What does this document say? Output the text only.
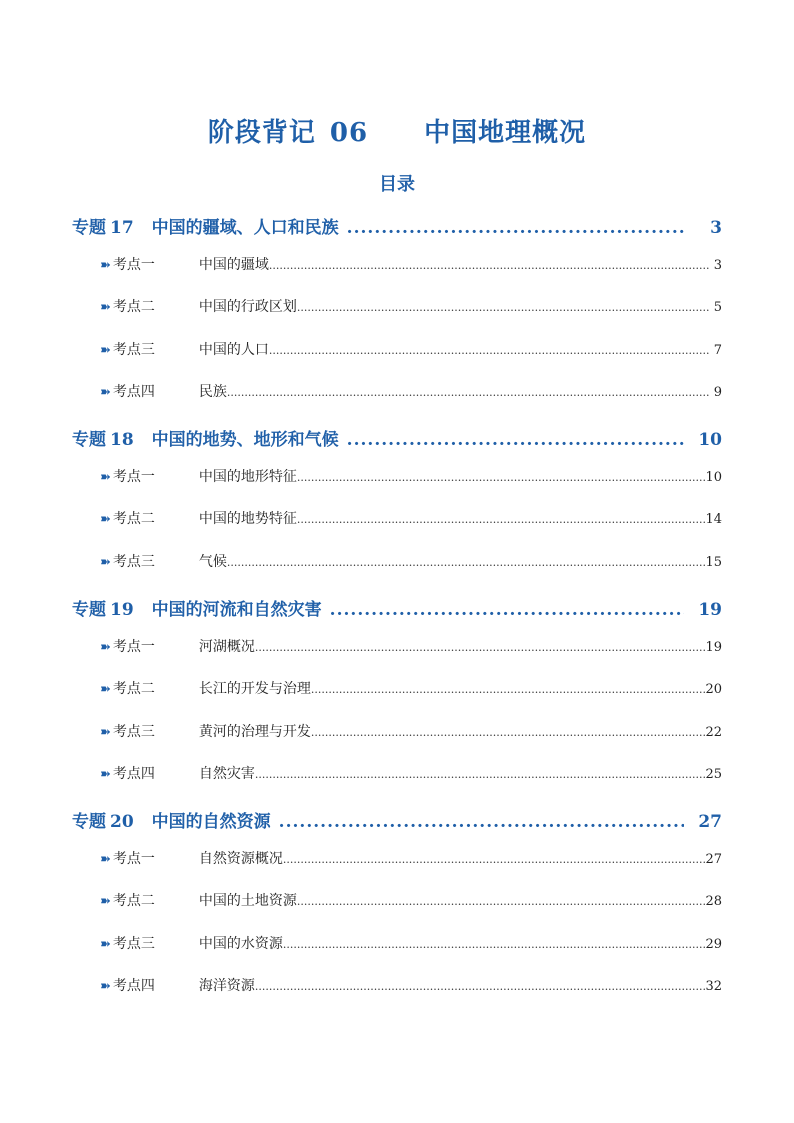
阶段背记 06 中国地理概况
目录
专题 17 中国的疆域、人口和民族 .....	3
➽ 考点一	中国的疆域 .....	3
➽ 考点二	中国的行政区划 .....	5
➽ 考点三	中国的人口 .....	7
➽ 考点四	民族 .....	9
专题 18 中国的地势、地形和气候 .....	10
➽ 考点一	中国的地形特征 .....	10
➽ 考点二	中国的地势特征 .....	14
➽ 考点三	气候 .....	15
专题 19 中国的河流和自然灾害 .....	19
➽ 考点一	河湖概况 .....	19
➽ 考点二	长江的开发与治理 .....	20
➽ 考点三	黄河的治理与开发 .....	22
➽ 考点四	自然灾害 .....	25
专题 20 中国的自然资源 .....	27
➽ 考点一	自然资源概况 .....	27
➽ 考点二	中国的土地资源 .....	28
➽ 考点三	中国的水资源 .....	29
➽ 考点四	海洋资源 .....	32
